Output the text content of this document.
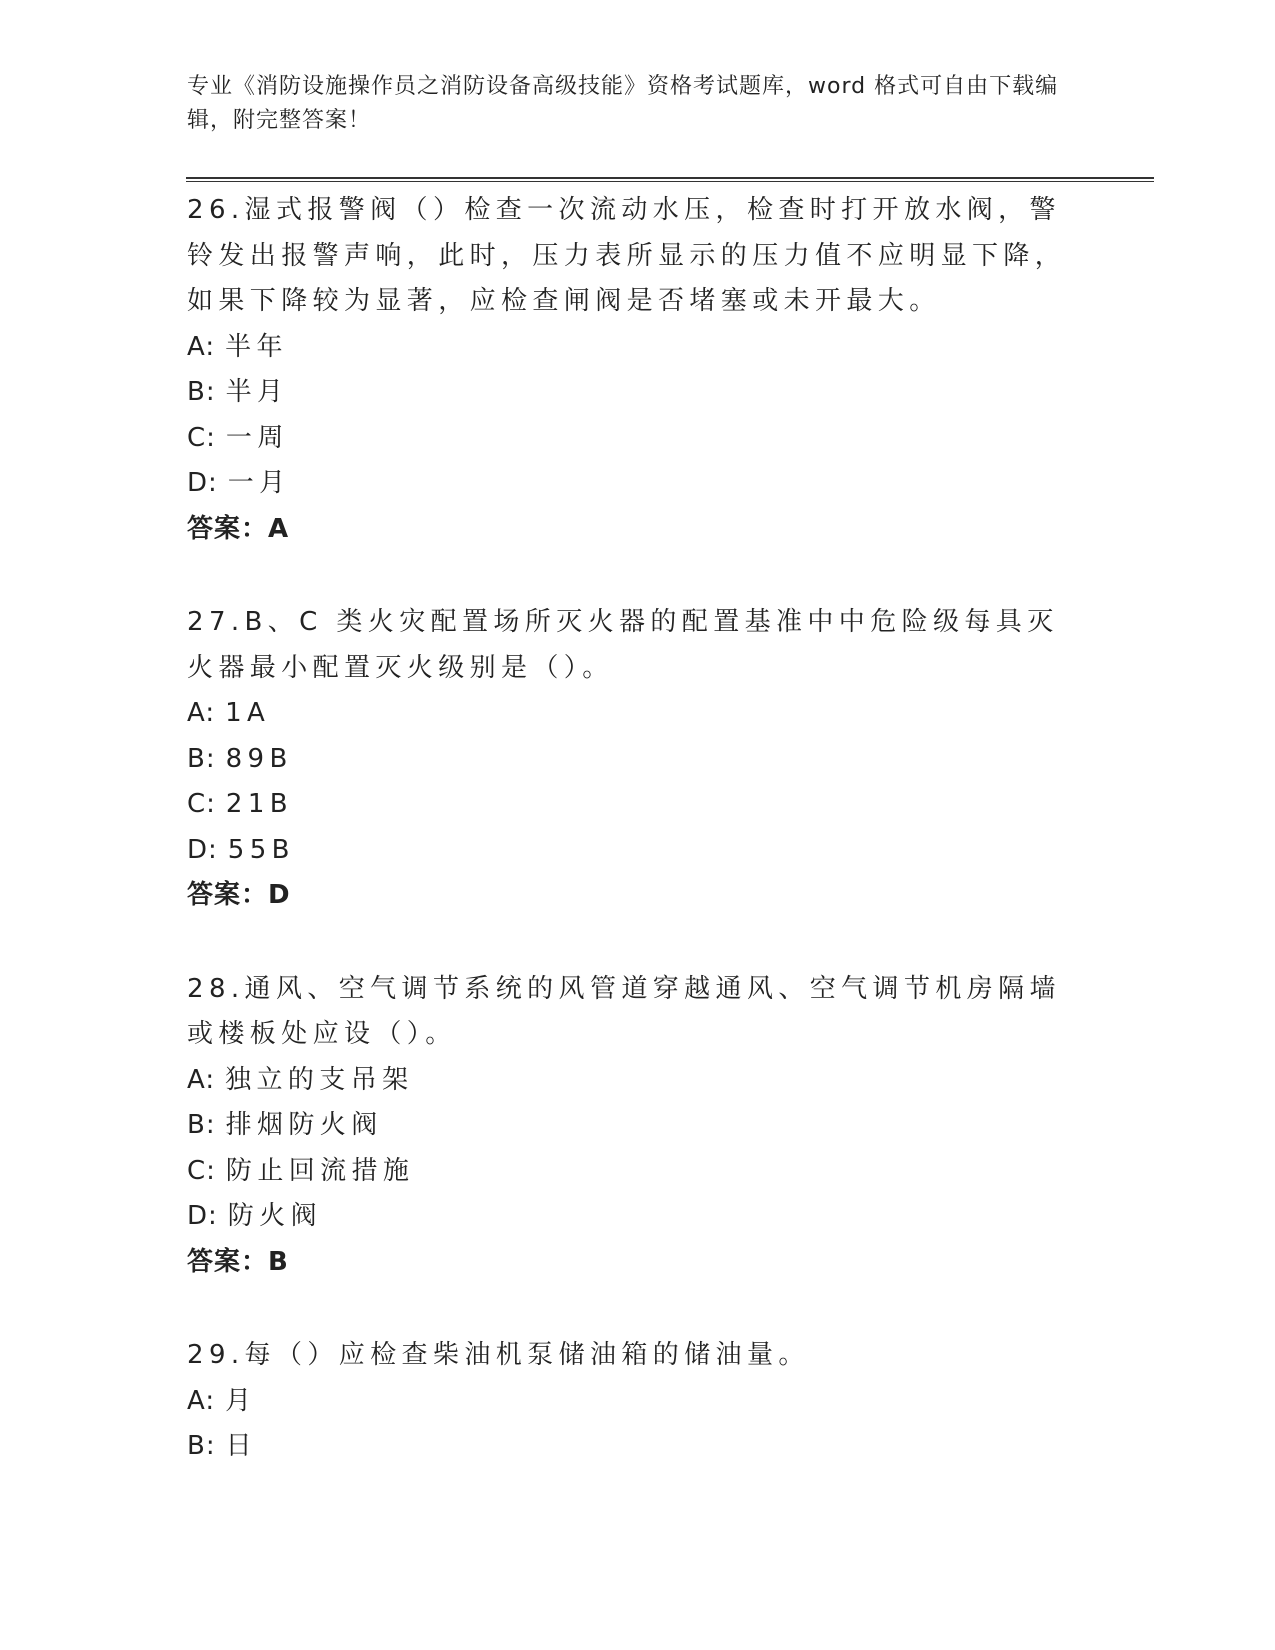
专业《消防设施操作员之消防设备高级技能》资格考试题库，word 格式可自由下载编辑，附完整答案！

26.湿式报警阀（）检查一次流动水压，检查时打开放水阀，警铃发出报警声响，此时，压力表所显示的压力值不应明显下降，如果下降较为显著，应检查闸阀是否堵塞或未开最大。

A: 半年

B: 半月

C: 一周

D: 一月

答案：A

27.B、C 类火灾配置场所灭火器的配置基准中中危险级每具灭火器最小配置灭火级别是（）。

A: 1A

B: 89B

C: 21B

D: 55B

答案：D

28.通风、空气调节系统的风管道穿越通风、空气调节机房隔墙或楼板处应设（）。

A: 独立的支吊架

B: 排烟防火阀

C: 防止回流措施

D: 防火阀

答案：B

29.每（）应检查柴油机泵储油箱的储油量。

A: 月

B: 日
